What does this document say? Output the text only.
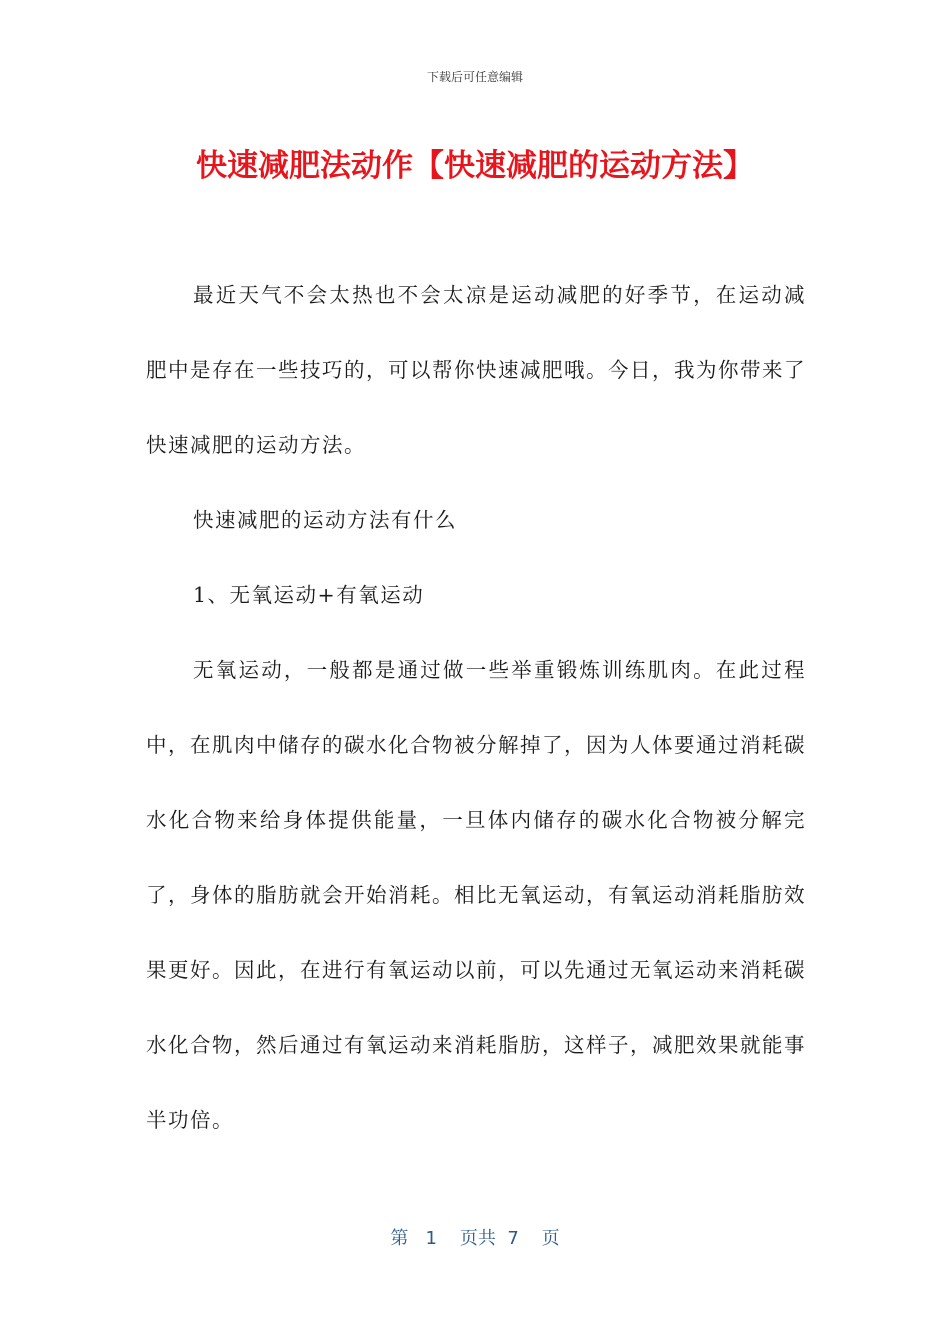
下载后可任意编辑
快速减肥法动作【快速减肥的运动方法】

最近天气不会太热也不会太凉是运动减肥的好季节，在运动减肥中是存在一些技巧的，可以帮你快速减肥哦。今日，我为你带来了快速减肥的运动方法。

快速减肥的运动方法有什么

1、无氧运动+有氧运动

无氧运动，一般都是通过做一些举重锻炼训练肌肉。在此过程中，在肌肉中储存的碳水化合物被分解掉了，因为人体要通过消耗碳水化合物来给身体提供能量，一旦体内储存的碳水化合物被分解完了，身体的脂肪就会开始消耗。相比无氧运动，有氧运动消耗脂肪效果更好。因此，在进行有氧运动以前，可以先通过无氧运动来消耗碳水化合物，然后通过有氧运动来消耗脂肪，这样子，减肥效果就能事半功倍。

第 1 页共 7 页
